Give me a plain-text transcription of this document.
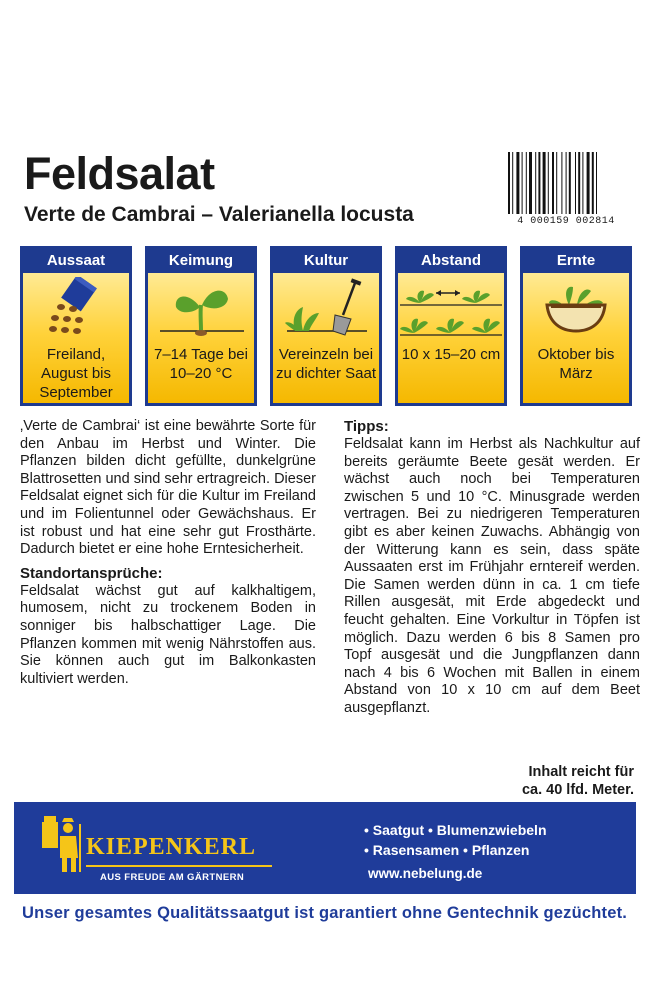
Feldsalat
Verte de Cambrai – Valerianella locusta	4 000159 002814
Aussaat
Freiland, August bis September
Keimung
7–14 Tage bei 10–20 °C
Kultur
Vereinzeln bei zu dichter Saat
Abstand
10 x 15–20 cm
Ernte
Oktober bis März

‚Verte de Cambrai‘ ist eine bewährte Sorte für den Anbau im Herbst und Winter. Die Pflanzen bilden dicht gefüllte, dunkelgrüne Blattrosetten und sind sehr ertragreich. Dieser Feldsalat eignet sich für die Kultur im Freiland und im Folientunnel oder Gewächshaus. Er ist robust und hat eine sehr gut Frosthärte. Dadurch bietet er eine hohe Erntesicherheit.

Standortansprüche:

Feldsalat wächst gut auf kalkhaltigem, humosem, nicht zu trockenem Boden in sonniger bis halbschattiger Lage. Die Pflanzen kommen mit wenig Nährstoffen aus. Sie können auch gut im Balkonkasten kultiviert werden.

Tipps:

Feldsalat kann im Herbst als Nachkultur auf bereits geräumte Beete gesät werden. Er wächst auch noch bei Temperaturen zwischen 5 und 10 °C. Minusgrade werden vertragen. Bei zu niedrigeren Temperaturen gibt es aber keinen Zuwachs. Abhängig von der Witterung kann es sein, dass späte Aussaaten erst im Frühjahr erntereif werden. Die Samen werden dünn in ca. 1 cm tiefe Rillen ausgesät, mit Erde abgedeckt und feucht gehalten. Eine Vorkultur in Töpfen ist möglich. Dazu werden 6 bis 8 Samen pro Topf ausgesät und die Jungpflanzen dann nach 4 bis 6 Wochen mit Ballen in einem Abstand von 10 x 10 cm auf dem Beet ausgepflanzt.

Inhalt reicht für
ca. 40 lfd. Meter.
KIEPENKERL
AUS FREUDE AM GÄRTNERN
• Saatgut • Blumenzwiebeln
• Rasensamen • Pflanzen
www.nebelung.de
Unser gesamtes Qualitätssaatgut ist garantiert ohne Gentechnik gezüchtet.
